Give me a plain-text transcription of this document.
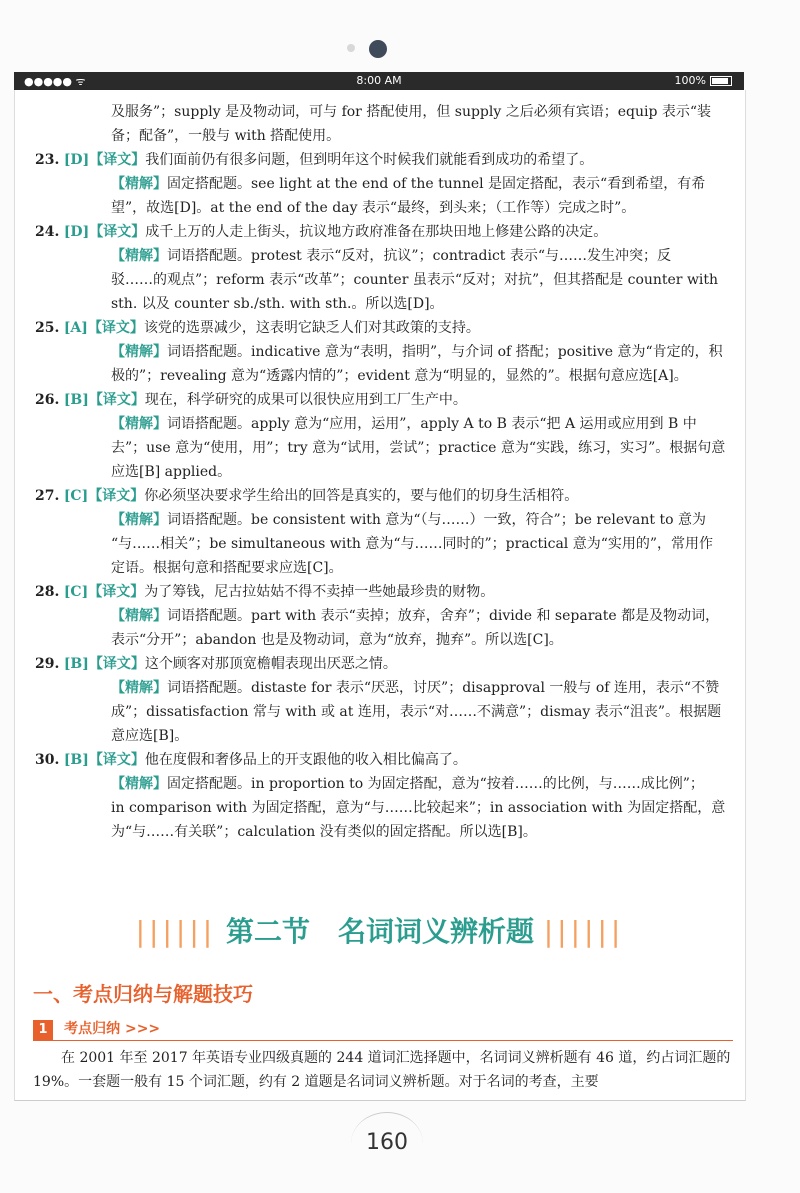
●●●●● ᯤ	8:00 AM	100%

及服务”；supply 是及物动词，可与 for 搭配使用，但 supply 之后必须有宾语；equip 表示“装

备；配备”，一般与 with 搭配使用。

23. [D]【译文】我们面前仍有很多问题，但到明年这个时候我们就能看到成功的希望了。

【精解】固定搭配题。see light at the end of the tunnel 是固定搭配，表示“看到希望，有希

望”，故选[D]。at the end of the day 表示“最终，到头来；（工作等）完成之时”。

24. [D]【译文】成千上万的人走上街头，抗议地方政府准备在那块田地上修建公路的决定。

【精解】词语搭配题。protest 表示“反对，抗议”；contradict 表示“与……发生冲突；反

驳……的观点”；reform 表示“改革”；counter 虽表示“反对；对抗”，但其搭配是 counter with

sth. 以及 counter sb./sth. with sth.。所以选[D]。

25. [A]【译文】该党的选票减少，这表明它缺乏人们对其政策的支持。

【精解】词语搭配题。indicative 意为“表明，指明”，与介词 of 搭配；positive 意为“肯定的，积

极的”；revealing 意为“透露内情的”；evident 意为“明显的，显然的”。根据句意应选[A]。

26. [B]【译文】现在，科学研究的成果可以很快应用到工厂生产中。

【精解】词语搭配题。apply 意为“应用，运用”，apply A to B 表示“把 A 运用或应用到 B 中

去”；use 意为“使用，用”；try 意为“试用，尝试”；practice 意为“实践，练习，实习”。根据句意

应选[B] applied。

27. [C]【译文】你必须坚决要求学生给出的回答是真实的，要与他们的切身生活相符。

【精解】词语搭配题。be consistent with 意为“（与……）一致，符合”；be relevant to 意为

“与……相关”；be simultaneous with 意为“与……同时的”；practical 意为“实用的”，常用作

定语。根据句意和搭配要求应选[C]。

28. [C]【译文】为了筹钱，尼古拉姑姑不得不卖掉一些她最珍贵的财物。

【精解】词语搭配题。part with 表示“卖掉；放弃，舍弃”；divide 和 separate 都是及物动词，

表示“分开”；abandon 也是及物动词，意为“放弃，抛弃”。所以选[C]。

29. [B]【译文】这个顾客对那顶宽檐帽表现出厌恶之情。

【精解】词语搭配题。distaste for 表示“厌恶，讨厌”；disapproval 一般与 of 连用，表示“不赞

成”；dissatisfaction 常与 with 或 at 连用，表示“对……不满意”；dismay 表示“沮丧”。根据题

意应选[B]。

30. [B]【译文】他在度假和奢侈品上的开支跟他的收入相比偏高了。

【精解】固定搭配题。in proportion to 为固定搭配，意为“按着……的比例，与……成比例”；

in comparison with 为固定搭配，意为“与……比较起来”；in association with 为固定搭配，意

为“与……有关联”；calculation 没有类似的固定搭配。所以选[B]。

|||||| 第二节　名词词义辨析题 ||||||
一、考点归纳与解题技巧
1 考点归纳 >>>
在 2001 年至 2017 年英语专业四级真题的 244 道词汇选择题中，名词词义辨析题有 46 道，约占词汇题的 19%。一套题一般有 15 个词汇题，约有 2 道题是名词词义辨析题。对于名词的考查，主要
160
